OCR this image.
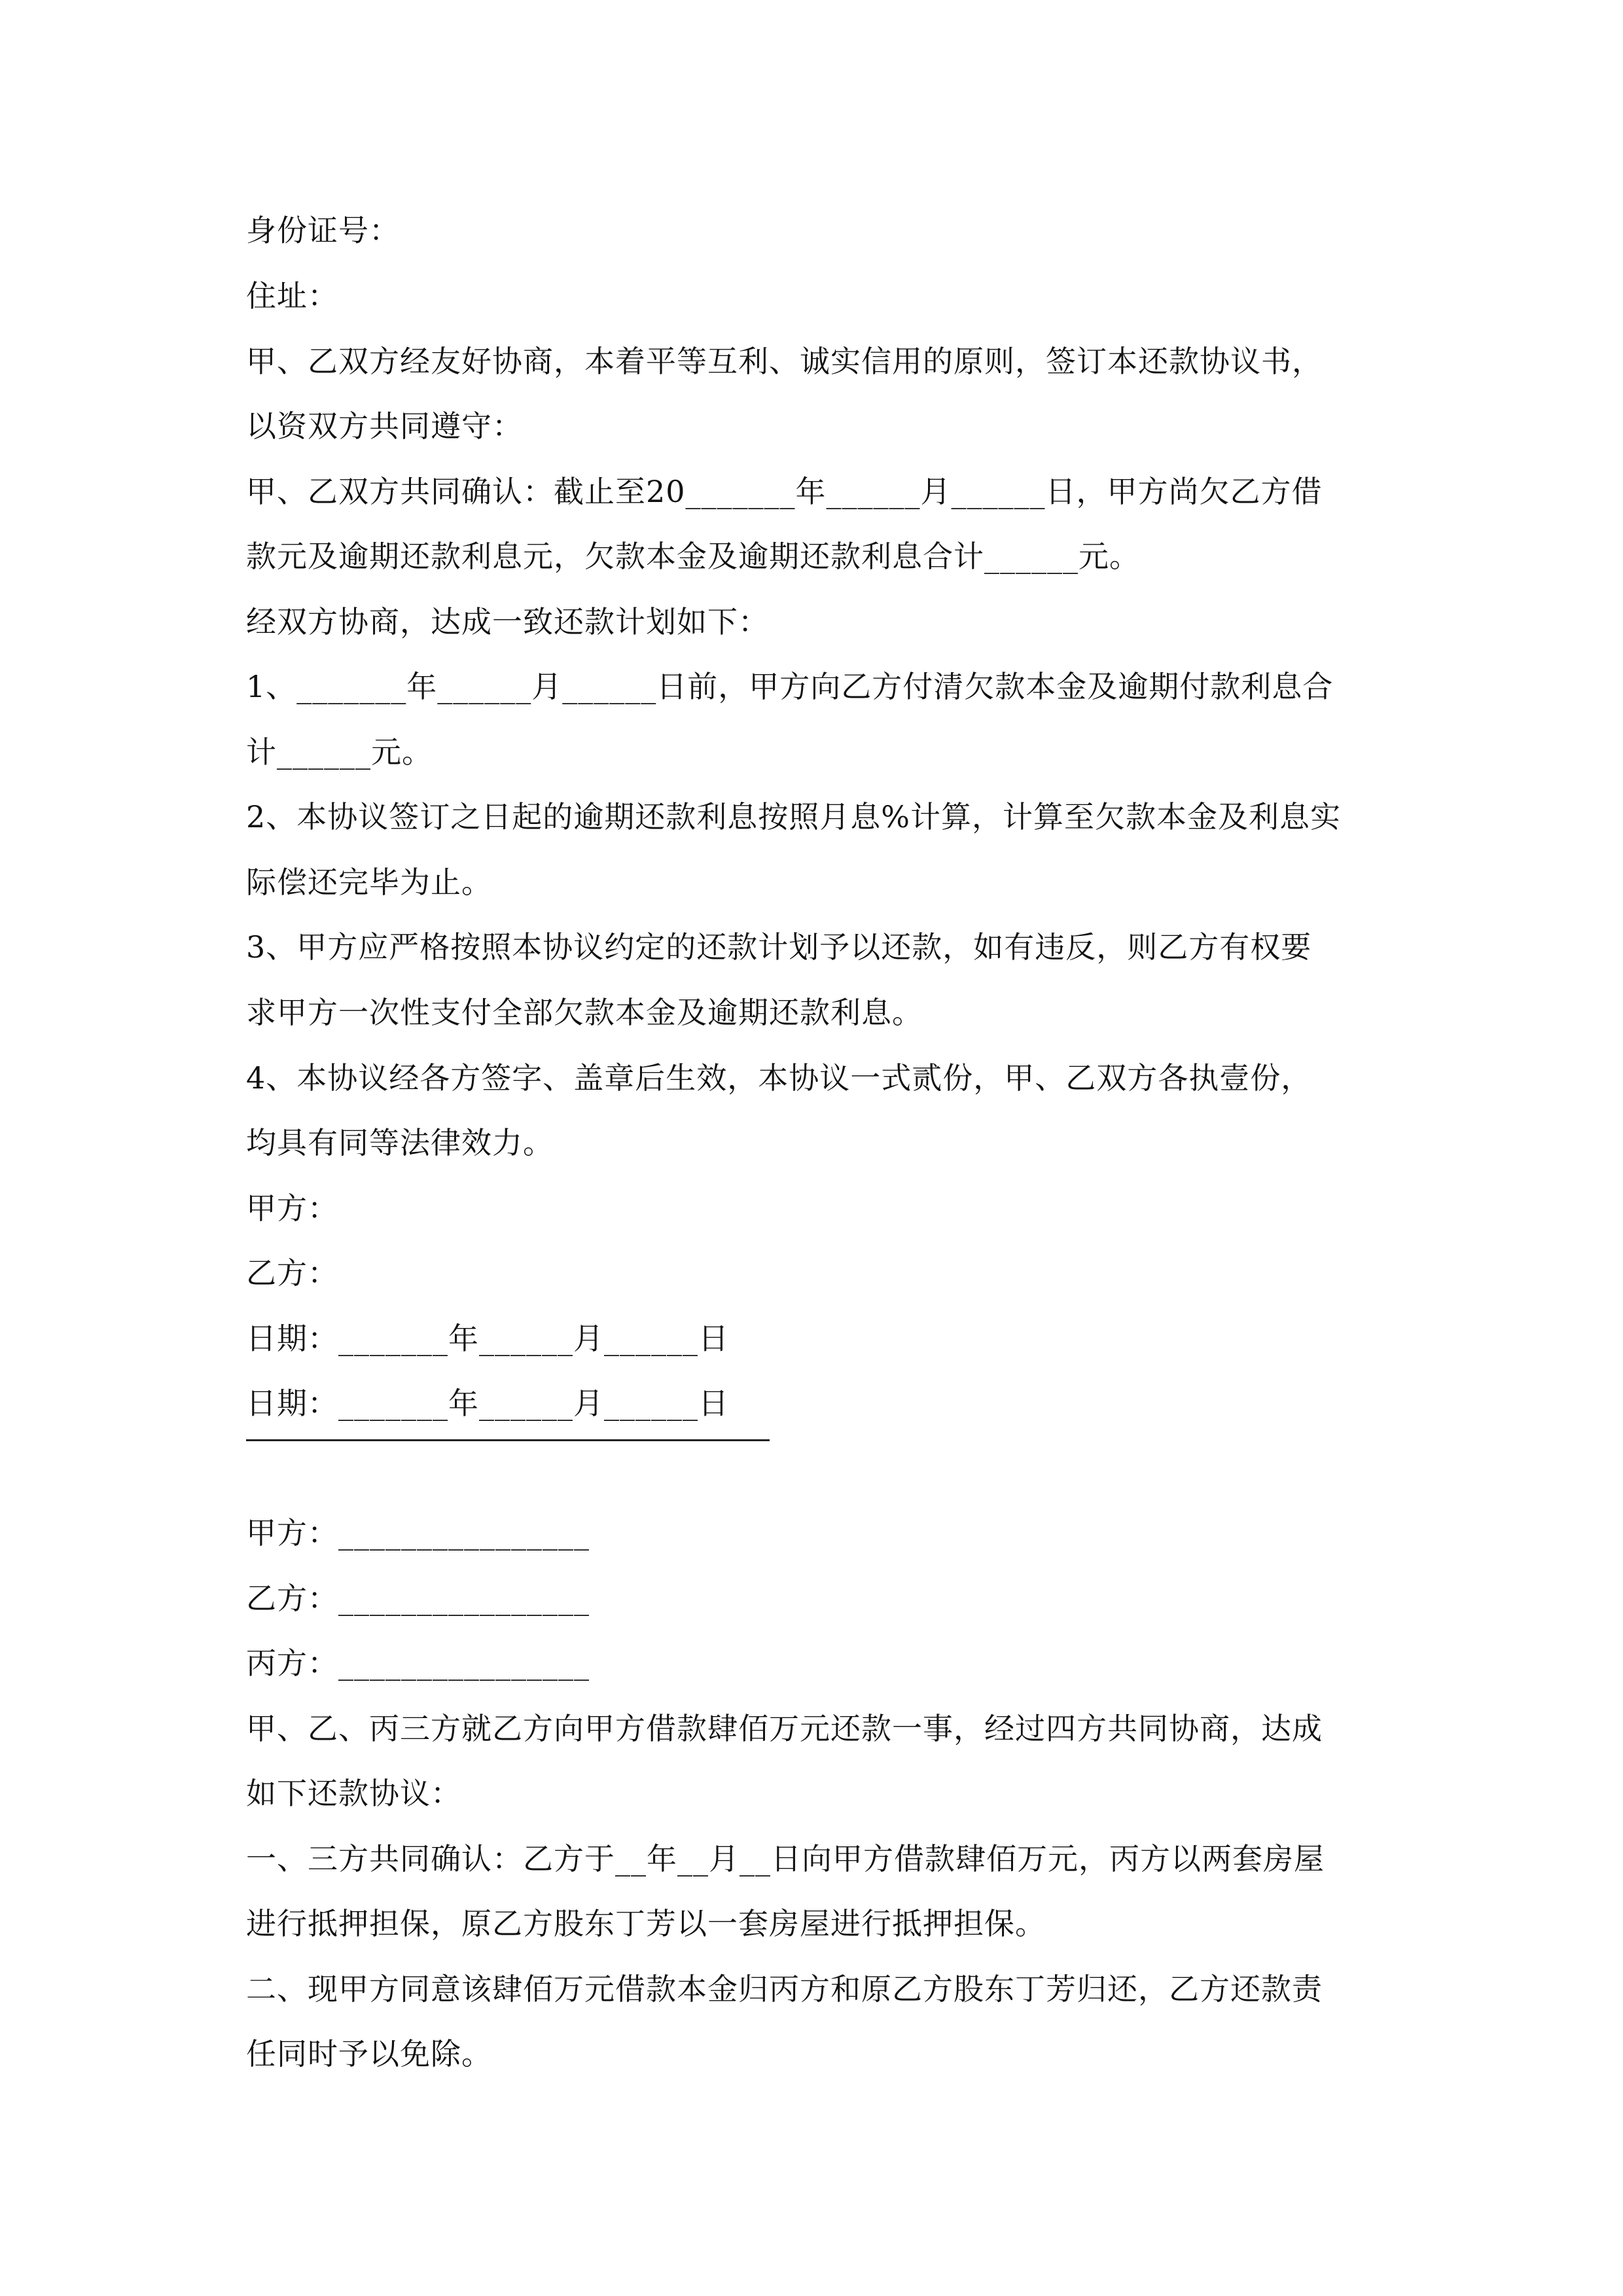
身份证号：
住址：
甲、乙双方经友好协商，本着平等互利、诚实信用的原则，签订本还款协议书，
以资双方共同遵守：
甲、乙双方共同确认：截止至20_______年______月______日，甲方尚欠乙方借
款元及逾期还款利息元，欠款本金及逾期还款利息合计______元。
经双方协商，达成一致还款计划如下：
1、_______年______月______日前，甲方向乙方付清欠款本金及逾期付款利息合
计______元。
2、本协议签订之日起的逾期还款利息按照月息%计算，计算至欠款本金及利息实
际偿还完毕为止。
3、甲方应严格按照本协议约定的还款计划予以还款，如有违反，则乙方有权要
求甲方一次性支付全部欠款本金及逾期还款利息。
4、本协议经各方签字、盖章后生效，本协议一式贰份，甲、乙双方各执壹份，
均具有同等法律效力。
甲方：
乙方：
日期：_______年______月______日
日期：_______年______月______日
甲方：________________
乙方：________________
丙方：________________
甲、乙、丙三方就乙方向甲方借款肆佰万元还款一事，经过四方共同协商，达成
如下还款协议：
一、三方共同确认：乙方于__年__月__日向甲方借款肆佰万元，丙方以两套房屋
进行抵押担保，原乙方股东丁芳以一套房屋进行抵押担保。
二、现甲方同意该肆佰万元借款本金归丙方和原乙方股东丁芳归还，乙方还款责
任同时予以免除。
